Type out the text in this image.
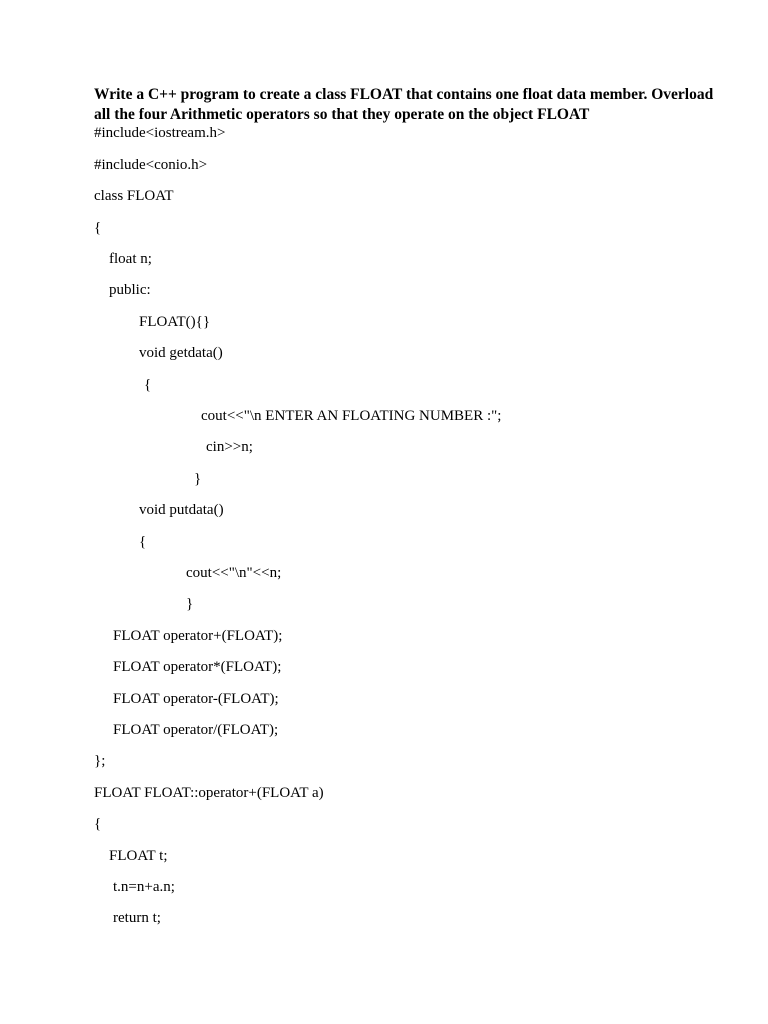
Write a C++ program to create a class FLOAT that contains one float data member. Overload
all the four Arithmetic operators so that they operate on the object FLOAT
#include<iostream.h>
#include<conio.h>
class FLOAT
{
float n;
public:
FLOAT(){}
void getdata()
{
cout<<"\n ENTER AN FLOATING NUMBER :";
cin>>n;
}
void putdata()
{
cout<<"\n"<<n;
}
FLOAT operator+(FLOAT);
FLOAT operator*(FLOAT);
FLOAT operator-(FLOAT);
FLOAT operator/(FLOAT);
};
FLOAT FLOAT::operator+(FLOAT a)
{
FLOAT t;
t.n=n+a.n;
return t;
